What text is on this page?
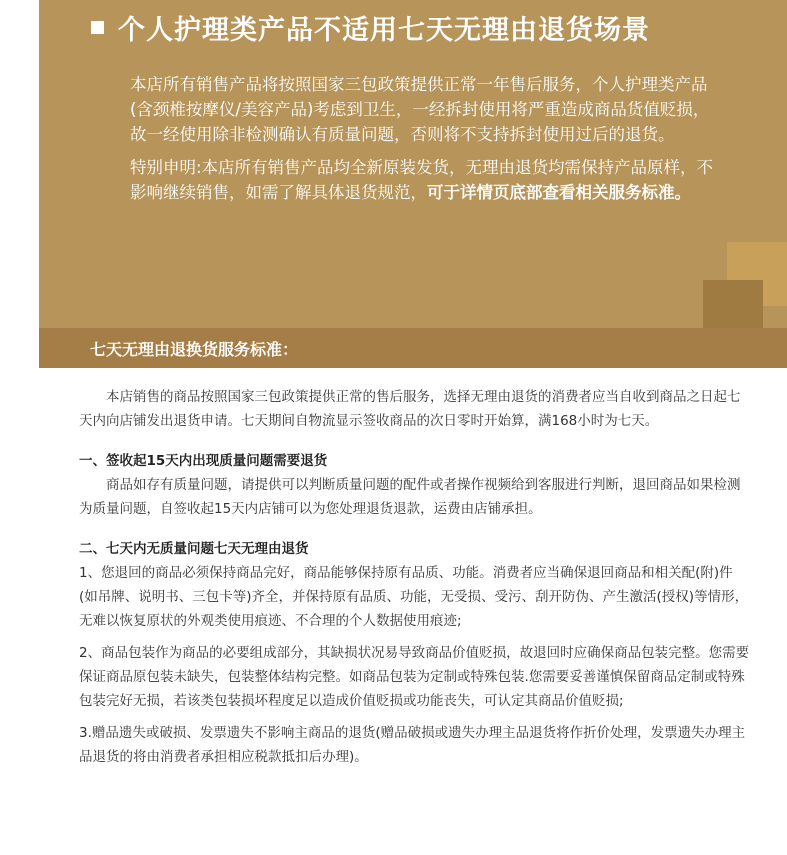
个人护理类产品不适用七天无理由退货场景

本店所有销售产品将按照国家三包政策提供正常一年售后服务，个人护理类产品(含颈椎按摩仪/美容产品)考虑到卫生，一经拆封使用将严重造成商品货值贬损，故一经使用除非检测确认有质量问题，否则将不支持拆封使用过后的退货。

特别申明:本店所有销售产品均全新原装发货，无理由退货均需保持产品原样，不影响继续销售，如需了解具体退货规范，可于详情页底部查看相关服务标准。

七天无理由退换货服务标准：

本店销售的商品按照国家三包政策提供正常的售后服务，选择无理由退货的消费者应当自收到商品之日起七天内向店铺发出退货申请。七天期间自物流显示签收商品的次日零时开始算，满168小时为七天。

一、签收起15天内出现质量问题需要退货

商品如存有质量问题，请提供可以判断质量问题的配件或者操作视频给到客服进行判断，退回商品如果检测为质量问题，自签收起15天内店铺可以为您处理退货退款，运费由店铺承担。

二、七天内无质量问题七天无理由退货

1、您退回的商品必须保持商品完好，商品能够保持原有品质、功能。消费者应当确保退回商品和相关配(附)件(如吊牌、说明书、三包卡等)齐全，并保持原有品质、功能，无受损、受污、刮开防伪、产生激活(授权)等情形，无难以恢复原状的外观类使用痕迹、不合理的个人数据使用痕迹;

2、商品包装作为商品的必要组成部分，其缺损状况易导致商品价值贬损，故退回时应确保商品包装完整。您需要保证商品原包装未缺失，包装整体结构完整。如商品包装为定制或特殊包装.您需要妥善谨慎保留商品定制或特殊包装完好无损，若该类包装损坏程度足以造成价值贬损或功能丧失，可认定其商品价值贬损;

3.赠品遗失或破损、发票遗失不影响主商品的退货(赠品破损或遗失办理主品退货将作折价处理，发票遗失办理主品退货的将由消费者承担相应税款抵扣后办理)。
